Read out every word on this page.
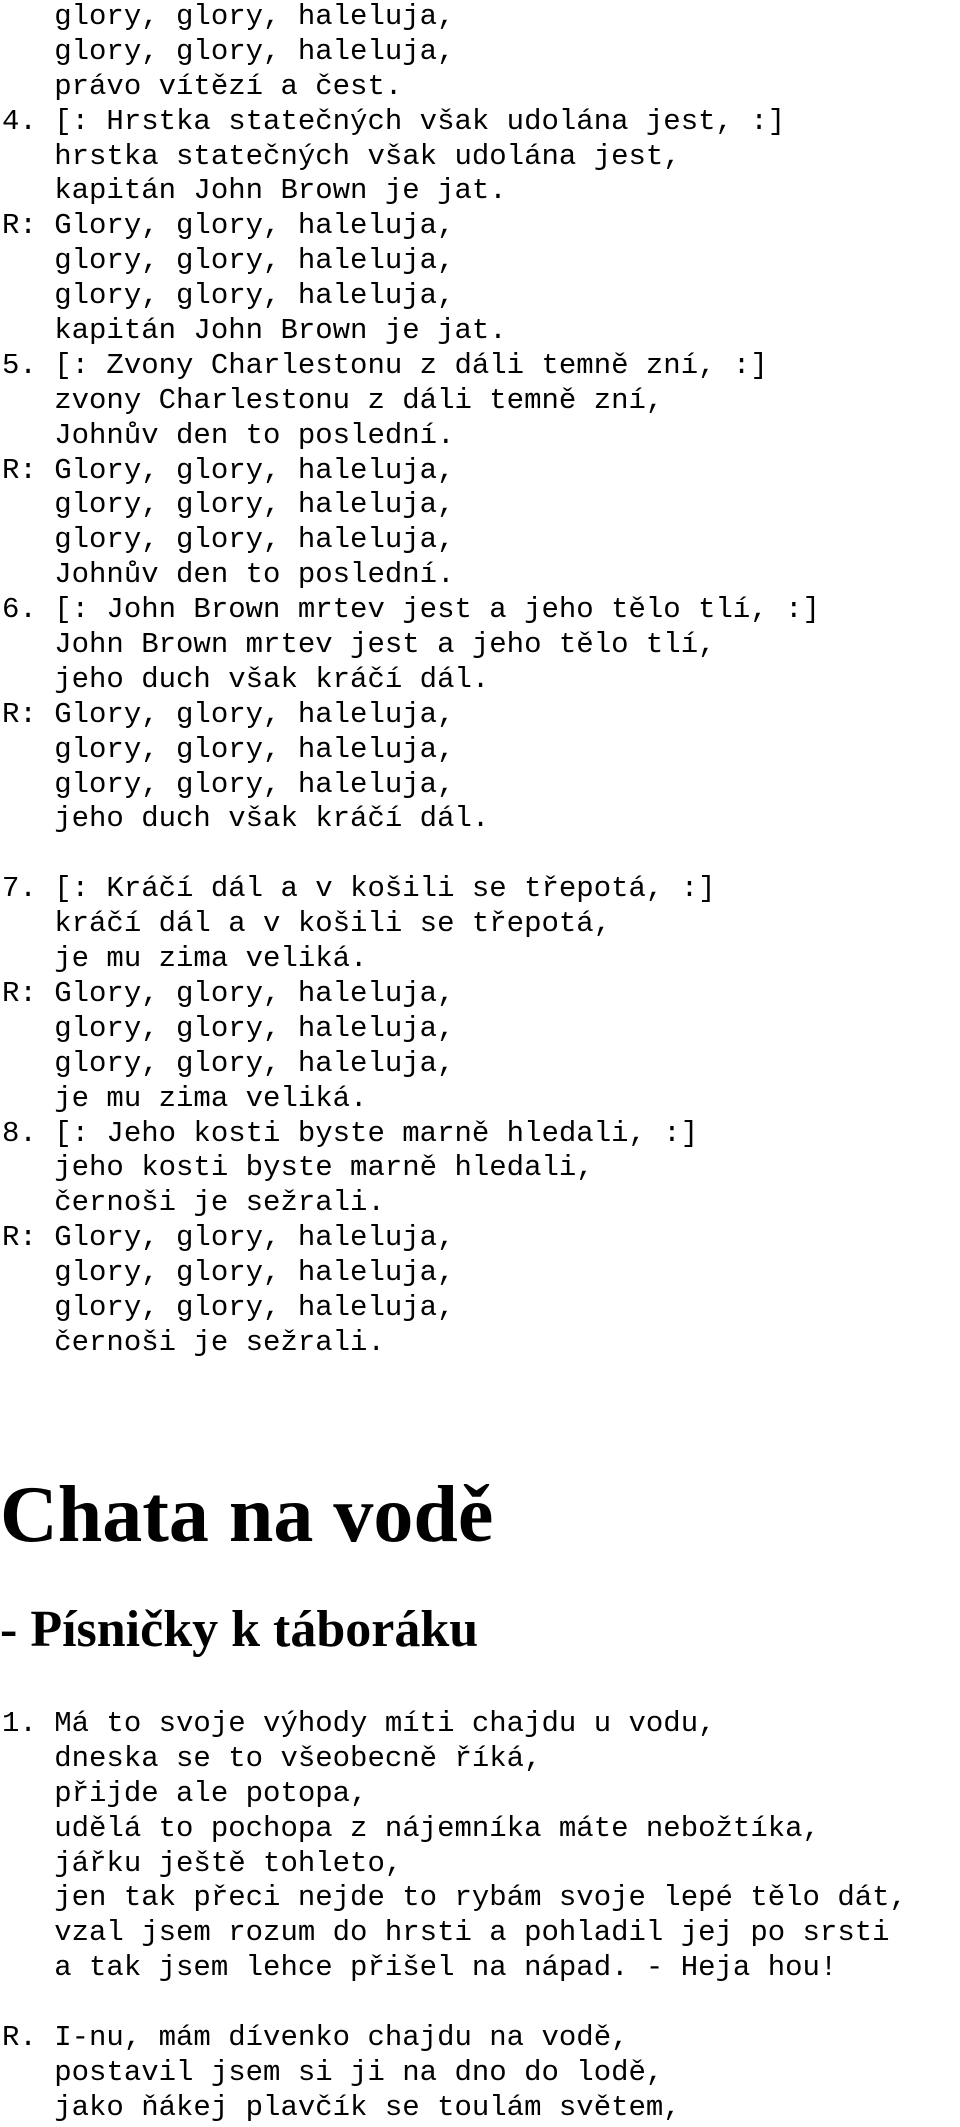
glory, glory, haleluja,
glory, glory, haleluja,
právo vítězí a čest.
4. [: Hrstka statečných však udolána jest, :]
hrstka statečných však udolána jest,
kapitán John Brown je jat.
R: Glory, glory, haleluja,
glory, glory, haleluja,
glory, glory, haleluja,
kapitán John Brown je jat.
5. [: Zvony Charlestonu z dáli temně zní, :]
zvony Charlestonu z dáli temně zní,
Johnův den to poslední.
R: Glory, glory, haleluja,
glory, glory, haleluja,
glory, glory, haleluja,
Johnův den to poslední.
6. [: John Brown mrtev jest a jeho tělo tlí, :]
John Brown mrtev jest a jeho tělo tlí,
jeho duch však kráčí dál.
R: Glory, glory, haleluja,
glory, glory, haleluja,
glory, glory, haleluja,
jeho duch však kráčí dál.
7. [: Kráčí dál a v košili se třepotá, :]
kráčí dál a v košili se třepotá,
je mu zima veliká.
R: Glory, glory, haleluja,
glory, glory, haleluja,
glory, glory, haleluja,
je mu zima veliká.
8. [: Jeho kosti byste marně hledali, :]
jeho kosti byste marně hledali,
černoši je sežrali.
R: Glory, glory, haleluja,
glory, glory, haleluja,
glory, glory, haleluja,
černoši je sežrali.
Chata na vodě
- Písničky k táboráku
1. Má to svoje výhody míti chajdu u vodu,
dneska se to všeobecně říká,
přijde ale potopa,
udělá to pochopa z nájemníka máte nebožtíka,
jářku ještě tohleto,
jen tak přeci nejde to rybám svoje lepé tělo dát,
vzal jsem rozum do hrsti a pohladil jej po srsti
a tak jsem lehce přišel na nápad. - Heja hou!
R. I-nu, mám dívenko chajdu na vodě,
postavil jsem si ji na dno do lodě,
jako ňákej plavčík se toulám světem,
